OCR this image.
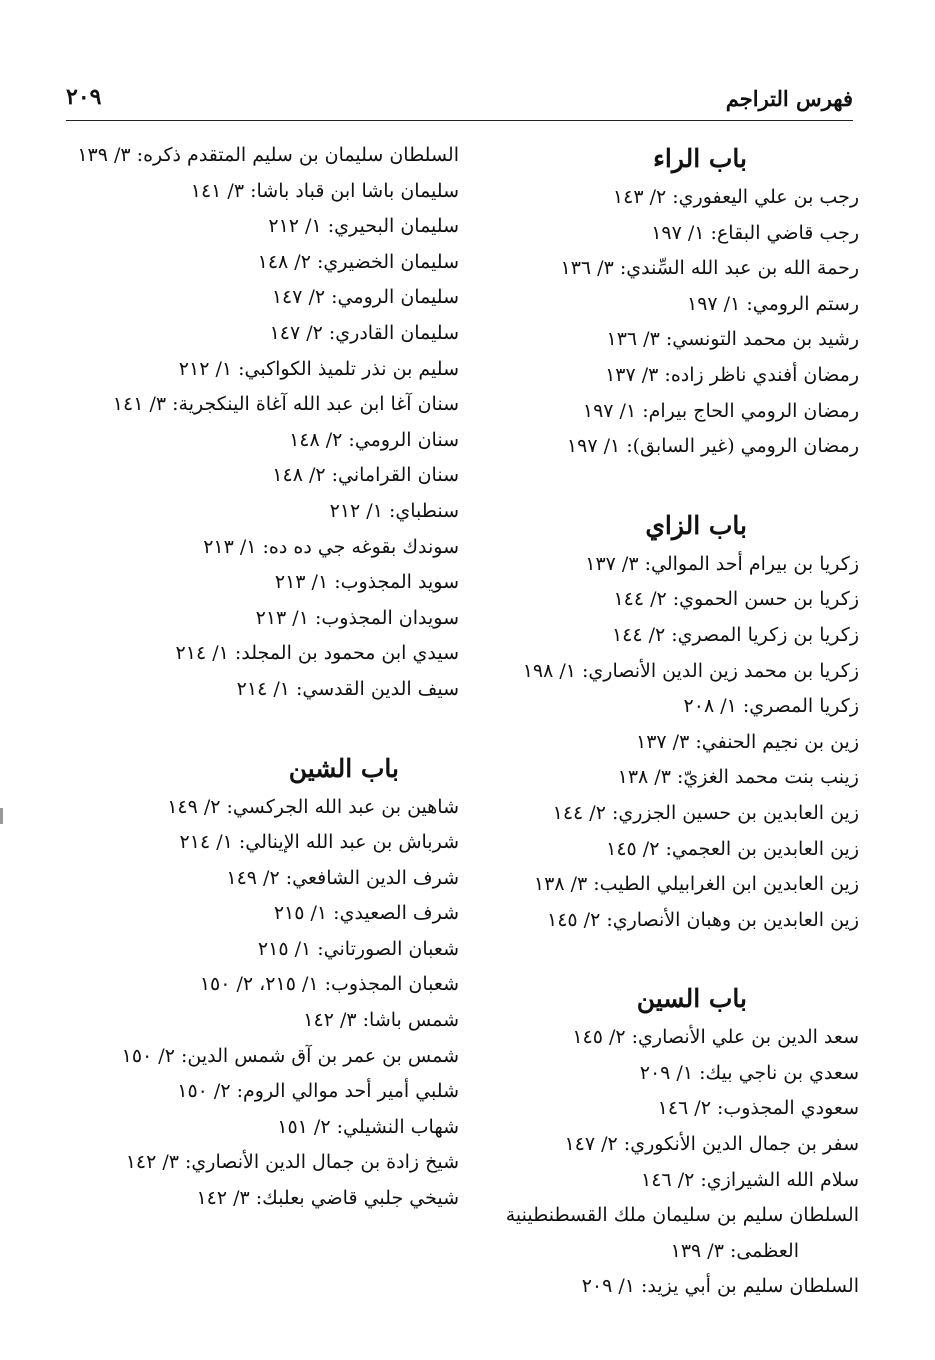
فهرس التراجم
٢٠٩
باب الراء
رجب بن علي اليعفوري: ٢/ ١٤٣
رجب قاضي البقاع: ١/ ١٩٧
رحمة الله بن عبد الله السِّندي: ٣/ ١٣٦
رستم الرومي: ١/ ١٩٧
رشيد بن محمد التونسي: ٣/ ١٣٦
رمضان أفندي ناظر زاده: ٣/ ١٣٧
رمضان الرومي الحاج بيرام: ١/ ١٩٧
رمضان الرومي (غير السابق): ١/ ١٩٧
باب الزاي
زكريا بن بيرام أحد الموالي: ٣/ ١٣٧
زكريا بن حسن الحموي: ٢/ ١٤٤
زكريا بن زكريا المصري: ٢/ ١٤٤
زكريا بن محمد زين الدين الأنصاري: ١/ ١٩٨
زكريا المصري: ١/ ٢٠٨
زين بن نجيم الحنفي: ٣/ ١٣٧
زينب بنت محمد الغزيّ: ٣/ ١٣٨
زين العابدين بن حسين الجزري: ٢/ ١٤٤
زين العابدين بن العجمي: ٢/ ١٤٥
زين العابدين ابن الغرابيلي الطيب: ٣/ ١٣٨
زين العابدين بن وهبان الأنصاري: ٢/ ١٤٥
باب السين
سعد الدين بن علي الأنصاري: ٢/ ١٤٥
سعدي بن ناجي بيك: ١/ ٢٠٩
سعودي المجذوب: ٢/ ١٤٦
سفر بن جمال الدين الأنكوري: ٢/ ١٤٧
سلام الله الشيرازي: ٢/ ١٤٦
السلطان سليم بن سليمان ملك القسطنطينية
العظمى: ٣/ ١٣٩
السلطان سليم بن أبي يزيد: ١/ ٢٠٩
السلطان سليمان بن سليم المتقدم ذكره: ٣/ ١٣٩
سليمان باشا ابن قباد باشا: ٣/ ١٤١
سليمان البحيري: ١/ ٢١٢
سليمان الخضيري: ٢/ ١٤٨
سليمان الرومي: ٢/ ١٤٧
سليمان القادري: ٢/ ١٤٧
سليم بن نذر تلميذ الكواكبي: ١/ ٢١٢
سنان آغا ابن عبد الله آغاة الينكجرية: ٣/ ١٤١
سنان الرومي: ٢/ ١٤٨
سنان القراماني: ٢/ ١٤٨
سنطباي: ١/ ٢١٢
سوندك بقوغه جي ده ده: ١/ ٢١٣
سويد المجذوب: ١/ ٢١٣
سويدان المجذوب: ١/ ٢١٣
سيدي ابن محمود بن المجلد: ١/ ٢١٤
سيف الدين القدسي: ١/ ٢١٤
باب الشين
شاهين بن عبد الله الجركسي: ٢/ ١٤٩
شرباش بن عبد الله الإينالي: ١/ ٢١٤
شرف الدين الشافعي: ٢/ ١٤٩
شرف الصعيدي: ١/ ٢١٥
شعبان الصورتاني: ١/ ٢١٥
شعبان المجذوب: ١/ ٢١٥، ٢/ ١٥٠
شمس باشا: ٣/ ١٤٢
شمس بن عمر بن آق شمس الدين: ٢/ ١٥٠
شلبي أمير أحد موالي الروم: ٢/ ١٥٠
شهاب النشيلي: ٢/ ١٥١
شيخ زادة بن جمال الدين الأنصاري: ٣/ ١٤٢
شيخي جلبي قاضي بعلبك: ٣/ ١٤٢
